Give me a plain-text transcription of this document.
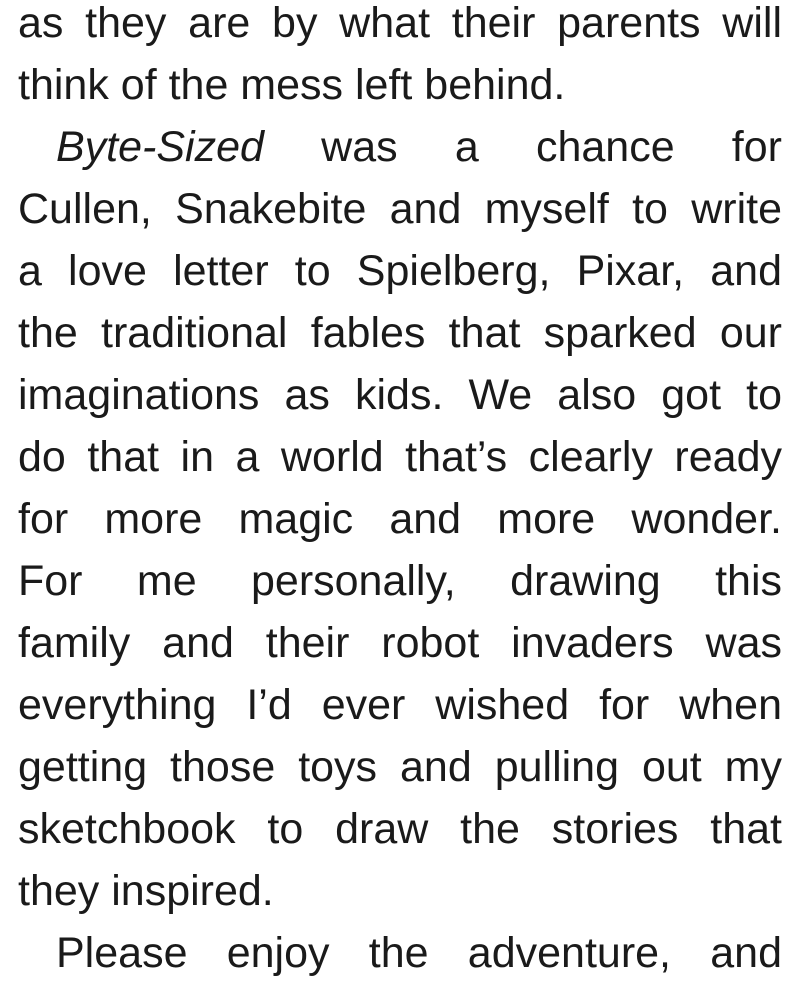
as they are by what their parents will
think of the mess left behind.
Byte-Sized was a chance for
Cullen, Snakebite and myself to write
a love letter to Spielberg, Pixar, and
the traditional fables that sparked our
imaginations as kids. We also got to
do that in a world that’s clearly ready
for more magic and more wonder.
For me personally, drawing this
family and their robot invaders was
everything I’d ever wished for when
getting those toys and pulling out my
sketchbook to draw the stories that
they inspired.
Please enjoy the adventure, and
